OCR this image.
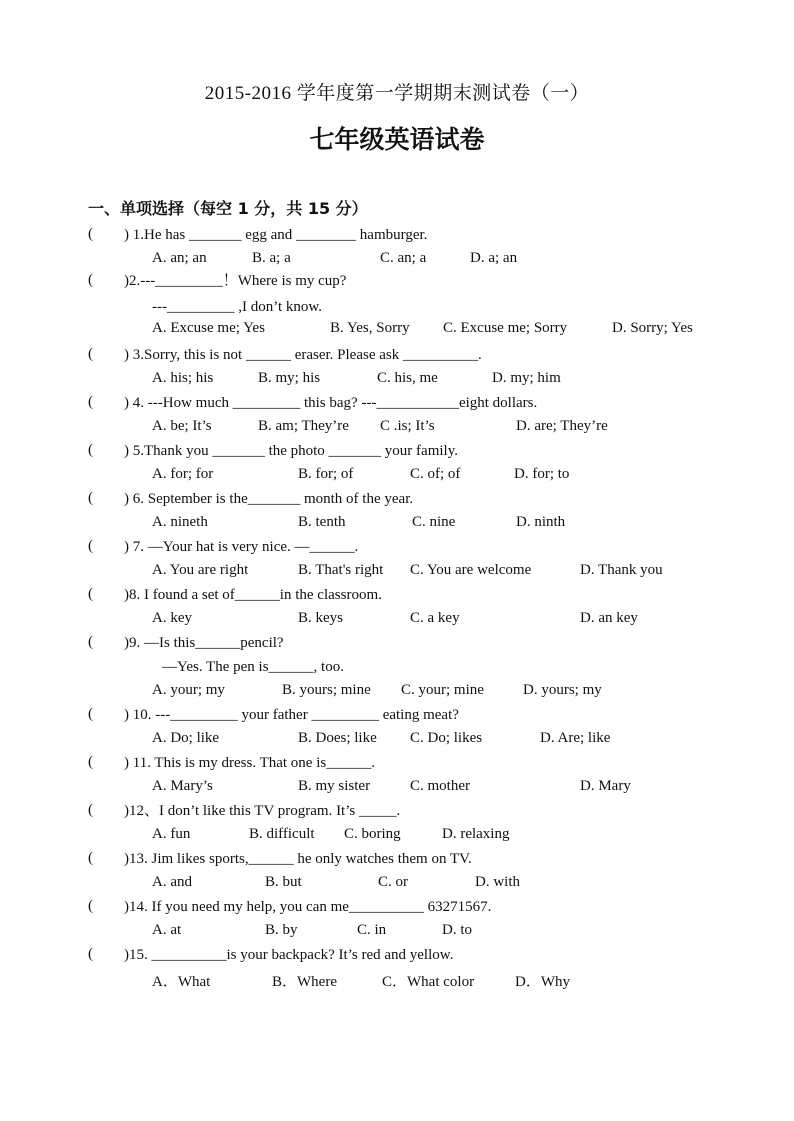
2015-2016 学年度第一学期期末测试卷（一）
七年级英语试卷
一、单项选择（每空 1 分，共 15 分）
( ) 1.He has _______ egg and ________ hamburger.
A. an; an	B. a; a	C. an; a	D. a; an
( )2.---_________！Where is my cup?
---_________ ,I don’t know.
A. Excuse me; Yes	B. Yes, Sorry C. Excuse me; Sorry	D. Sorry; Yes
( ) 3.Sorry, this is not ______ eraser. Please ask __________.
A. his; his	B. my; his	C. his, me	D. my; him
( ) 4. ---How much _________ this bag? ---___________eight dollars.
A. be; It’s	B. am; They’re C .is; It’s	D. are; They’re
( ) 5.Thank you _______ the photo _______ your family.
A. for; for	B. for; of	C. of; of	D. for; to
( ) 6. September is the_______ month of the year.
A. nineth	B. tenth	C. nine	D. ninth
( ) 7. —Your hat is very nice. —______.
A. You are right	B. That's right C. You are welcome	D. Thank you
( )8. I found a set of______in the classroom.
A. key	B. keys	C. a key	D. an key
( )9. —Is this______pencil?
—Yes. The pen is______, too.
A. your; my	B. yours; mine C. your; mine	D. yours; my
( ) 10. ---_________ your father _________ eating meat?
A. Do; like	B. Does; like C. Do; likes	D. Are; like
( ) 11. This is my dress. That one is______.
A. Mary’s	B. my sister	C. mother	D. Mary
( )12、I don’t like this TV program. It’s _____.
A. fun	B. difficult C. boring	D. relaxing
( )13. Jim likes sports,______ he only watches them on TV.
A. and	B. but	C. or	D. with
( )14. If you need my help, you can me__________ 63271567.
A. at	B. by	C. in	D. to
( )15. __________is your backpack? It’s red and yellow.
A．What	B．Where	C．What color	D．Why
